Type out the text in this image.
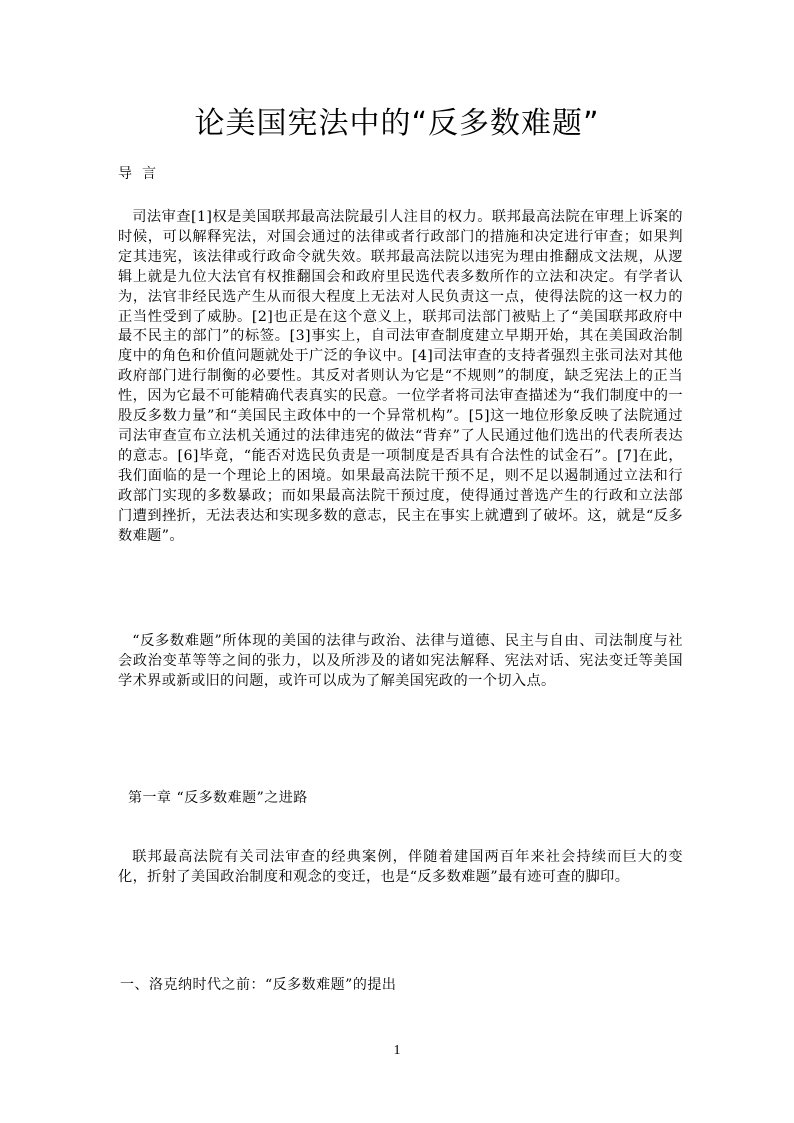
论美国宪法中的“反多数难题”
导言

司法审查[1]权是美国联邦最高法院最引人注目的权力。联邦最高法院在审理上诉案的时候，可以解释宪法，对国会通过的法律或者行政部门的措施和决定进行审查；如果判定其违宪，该法律或行政命令就失效。联邦最高法院以违宪为理由推翻成文法规，从逻辑上就是九位大法官有权推翻国会和政府里民选代表多数所作的立法和决定。有学者认为，法官非经民选产生从而很大程度上无法对人民负责这一点，使得法院的这一权力的正当性受到了威胁。[2]也正是在这个意义上，联邦司法部门被贴上了“美国联邦政府中最不民主的部门”的标签。[3]事实上，自司法审查制度建立早期开始，其在美国政治制度中的角色和价值问题就处于广泛的争议中。[4]司法审查的支持者强烈主张司法对其他政府部门进行制衡的必要性。其反对者则认为它是“不规则”的制度，缺乏宪法上的正当性，因为它最不可能精确代表真实的民意。一位学者将司法审查描述为“我们制度中的一股反多数力量”和“美国民主政体中的一个异常机构”。[5]这一地位形象反映了法院通过司法审查宣布立法机关通过的法律违宪的做法“背弃”了人民通过他们选出的代表所表达的意志。[6]毕竟，“能否对选民负责是一项制度是否具有合法性的试金石”。[7]在此，我们面临的是一个理论上的困境。如果最高法院干预不足，则不足以遏制通过立法和行政部门实现的多数暴政；而如果最高法院干预过度，使得通过普选产生的行政和立法部门遭到挫折，无法表达和实现多数的意志，民主在事实上就遭到了破坏。这，就是“反多数难题”。

“反多数难题”所体现的美国的法律与政治、法律与道德、民主与自由、司法制度与社会政治变革等等之间的张力，以及所涉及的诸如宪法解释、宪法对话、宪法变迁等美国学术界或新或旧的问题，或许可以成为了解美国宪政的一个切入点。

第一章 “反多数难题”之进路

联邦最高法院有关司法审查的经典案例，伴随着建国两百年来社会持续而巨大的变化，折射了美国政治制度和观念的变迁，也是“反多数难题”最有迹可查的脚印。

一、洛克纳时代之前：“反多数难题”的提出
1
